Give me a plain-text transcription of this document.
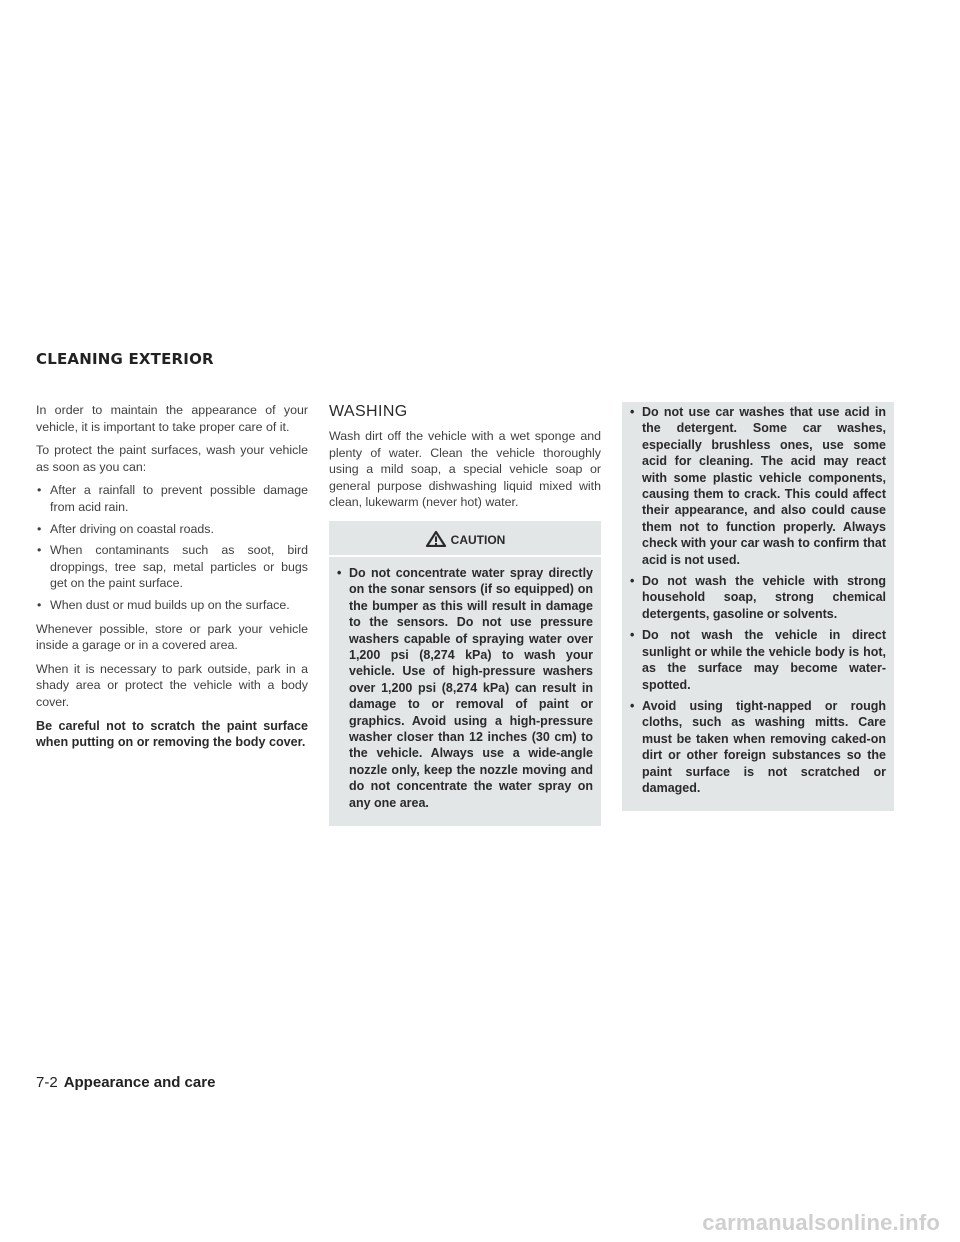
CLEANING EXTERIOR

In order to maintain the appearance of your vehicle, it is important to take proper care of it.

To protect the paint surfaces, wash your vehicle as soon as you can:

• After a rainfall to prevent possible damage from acid rain.
• After driving on coastal roads.
• When contaminants such as soot, bird droppings, tree sap, metal particles or bugs get on the paint surface.
• When dust or mud builds up on the surface.

Whenever possible, store or park your vehicle inside a garage or in a covered area.

When it is necessary to park outside, park in a shady area or protect the vehicle with a body cover.

Be careful not to scratch the paint surface when putting on or removing the body cover.

WASHING

Wash dirt off the vehicle with a wet sponge and plenty of water. Clean the vehicle thoroughly using a mild soap, a special vehicle soap or general purpose dishwashing liquid mixed with clean, lukewarm (never hot) water.

CAUTION
• Do not concentrate water spray directly on the sonar sensors (if so equipped) on the bumper as this will result in damage to the sensors. Do not use pressure washers capable of spraying water over 1,200 psi (8,274 kPa) to wash your vehicle. Use of high-pressure washers over 1,200 psi (8,274 kPa) can result in damage to or removal of paint or graphics. Avoid using a high-pressure washer closer than 12 inches (30 cm) to the vehicle. Always use a wide-angle nozzle only, keep the nozzle moving and do not concentrate the water spray on any one area.
• Do not use car washes that use acid in the detergent. Some car washes, especially brushless ones, use some acid for cleaning. The acid may react with some plastic vehicle components, causing them to crack. This could affect their appearance, and also could cause them not to function properly. Always check with your car wash to confirm that acid is not used.
• Do not wash the vehicle with strong household soap, strong chemical detergents, gasoline or solvents.
• Do not wash the vehicle in direct sunlight or while the vehicle body is hot, as the surface may become water-spotted.
• Avoid using tight-napped or rough cloths, such as washing mitts. Care must be taken when removing caked-on dirt or other foreign substances so the paint surface is not scratched or damaged.
7-2 Appearance and care
carmanualsonline.info
